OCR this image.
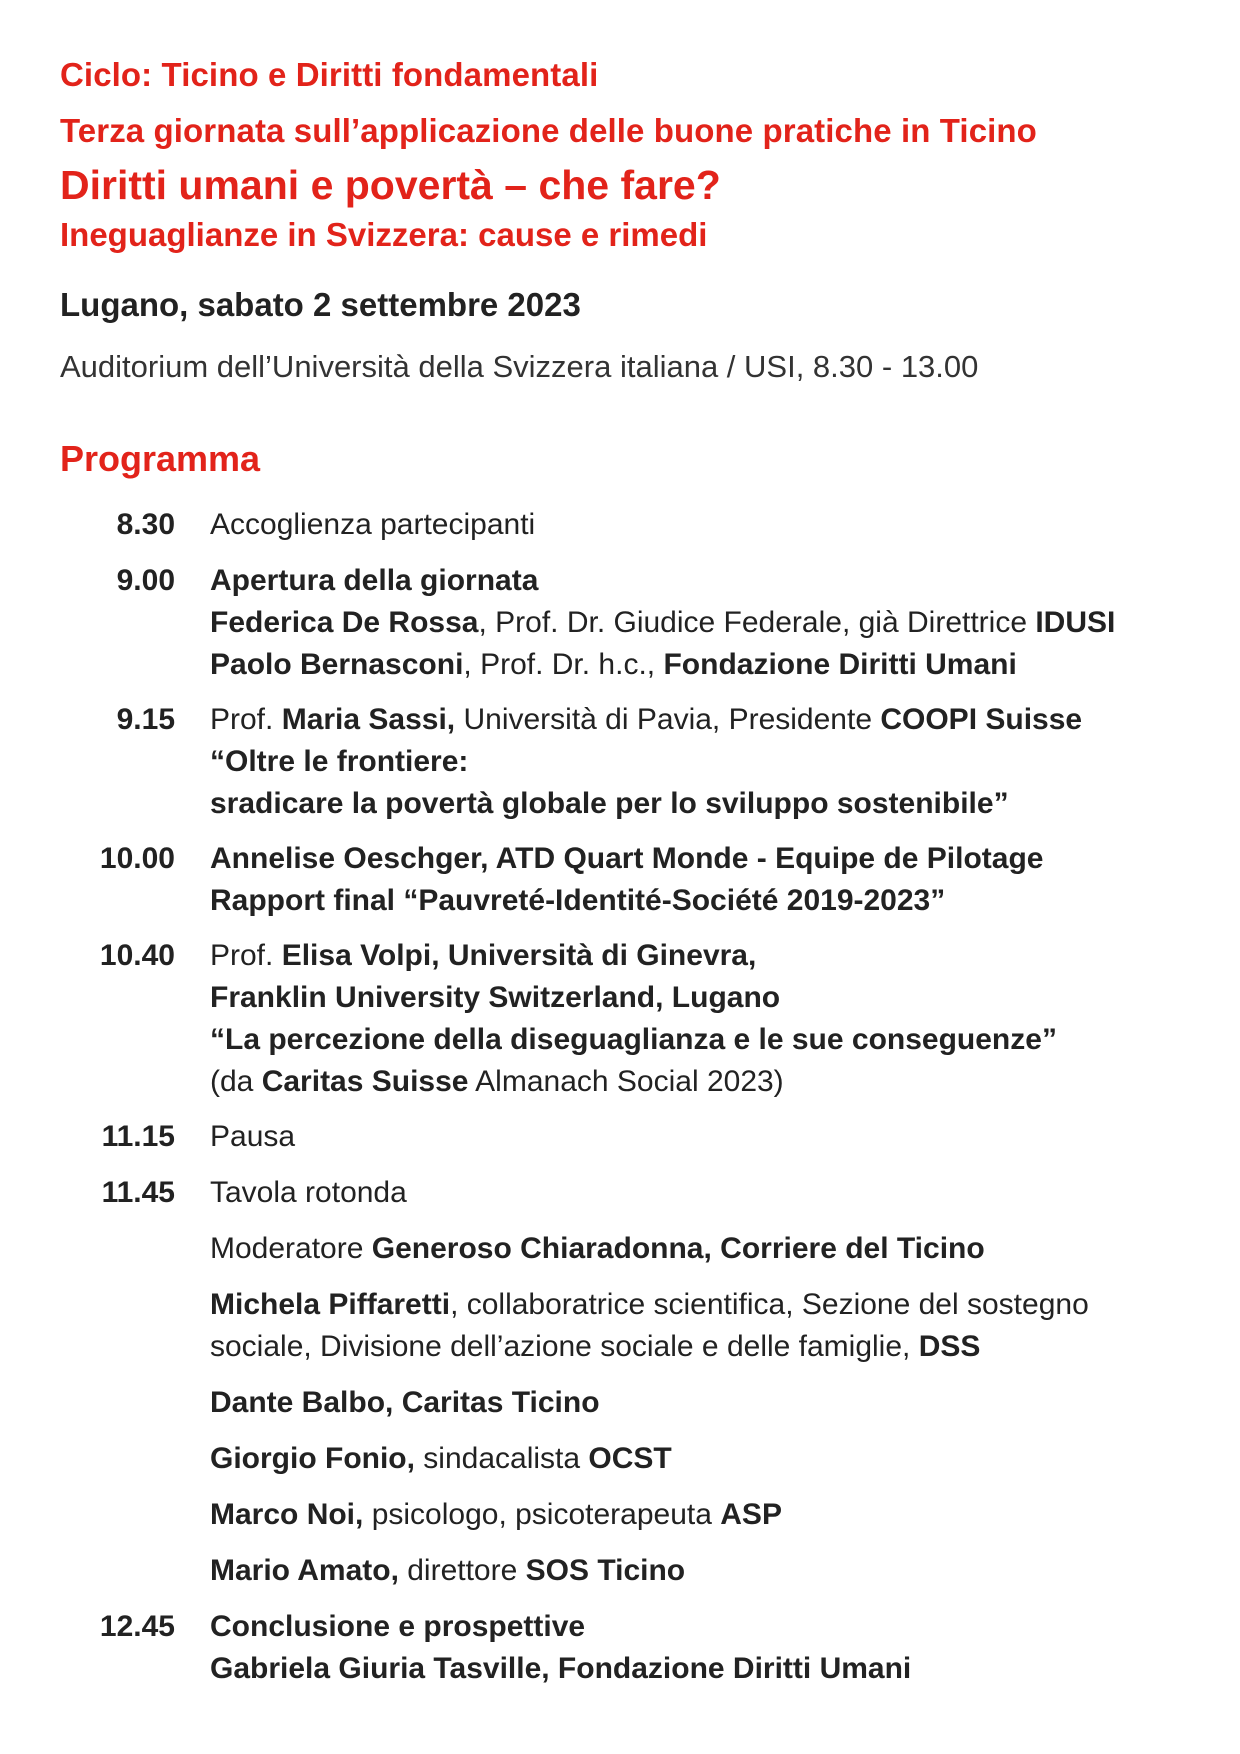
Ciclo: Ticino e Diritti fondamentali
Terza giornata sull’applicazione delle buone pratiche in Ticino
Diritti umani e povertà – che fare?
Ineguaglianze in Svizzera: cause e rimedi
Lugano, sabato 2 settembre 2023
Auditorium dell’Università della Svizzera italiana / USI, 8.30 - 13.00
Programma
8.30 Accoglienza partecipanti
9.00 Apertura della giornata
Federica De Rossa, Prof. Dr. Giudice Federale, già Direttrice IDUSI
Paolo Bernasconi, Prof. Dr. h.c., Fondazione Diritti Umani
9.15 Prof. Maria Sassi, Università di Pavia, Presidente COOPI Suisse
“Oltre le frontiere:
sradicare la povertà globale per lo sviluppo sostenibile”
10.00 Annelise Oeschger, ATD Quart Monde - Equipe de Pilotage
Rapport final “Pauvreté-Identité-Société 2019-2023”
10.40 Prof. Elisa Volpi, Università di Ginevra,
Franklin University Switzerland, Lugano
“La percezione della diseguaglianza e le sue conseguenze”
(da Caritas Suisse Almanach Social 2023)
11.15 Pausa
11.45 Tavola rotonda
Moderatore Generoso Chiaradonna, Corriere del Ticino
Michela Piffaretti, collaboratrice scientifica, Sezione del sostegno
sociale, Divisione dell’azione sociale e delle famiglie, DSS
Dante Balbo, Caritas Ticino
Giorgio Fonio, sindacalista OCST
Marco Noi, psicologo, psicoterapeuta ASP
Mario Amato, direttore SOS Ticino
12.45 Conclusione e prospettive
Gabriela Giuria Tasville, Fondazione Diritti Umani
